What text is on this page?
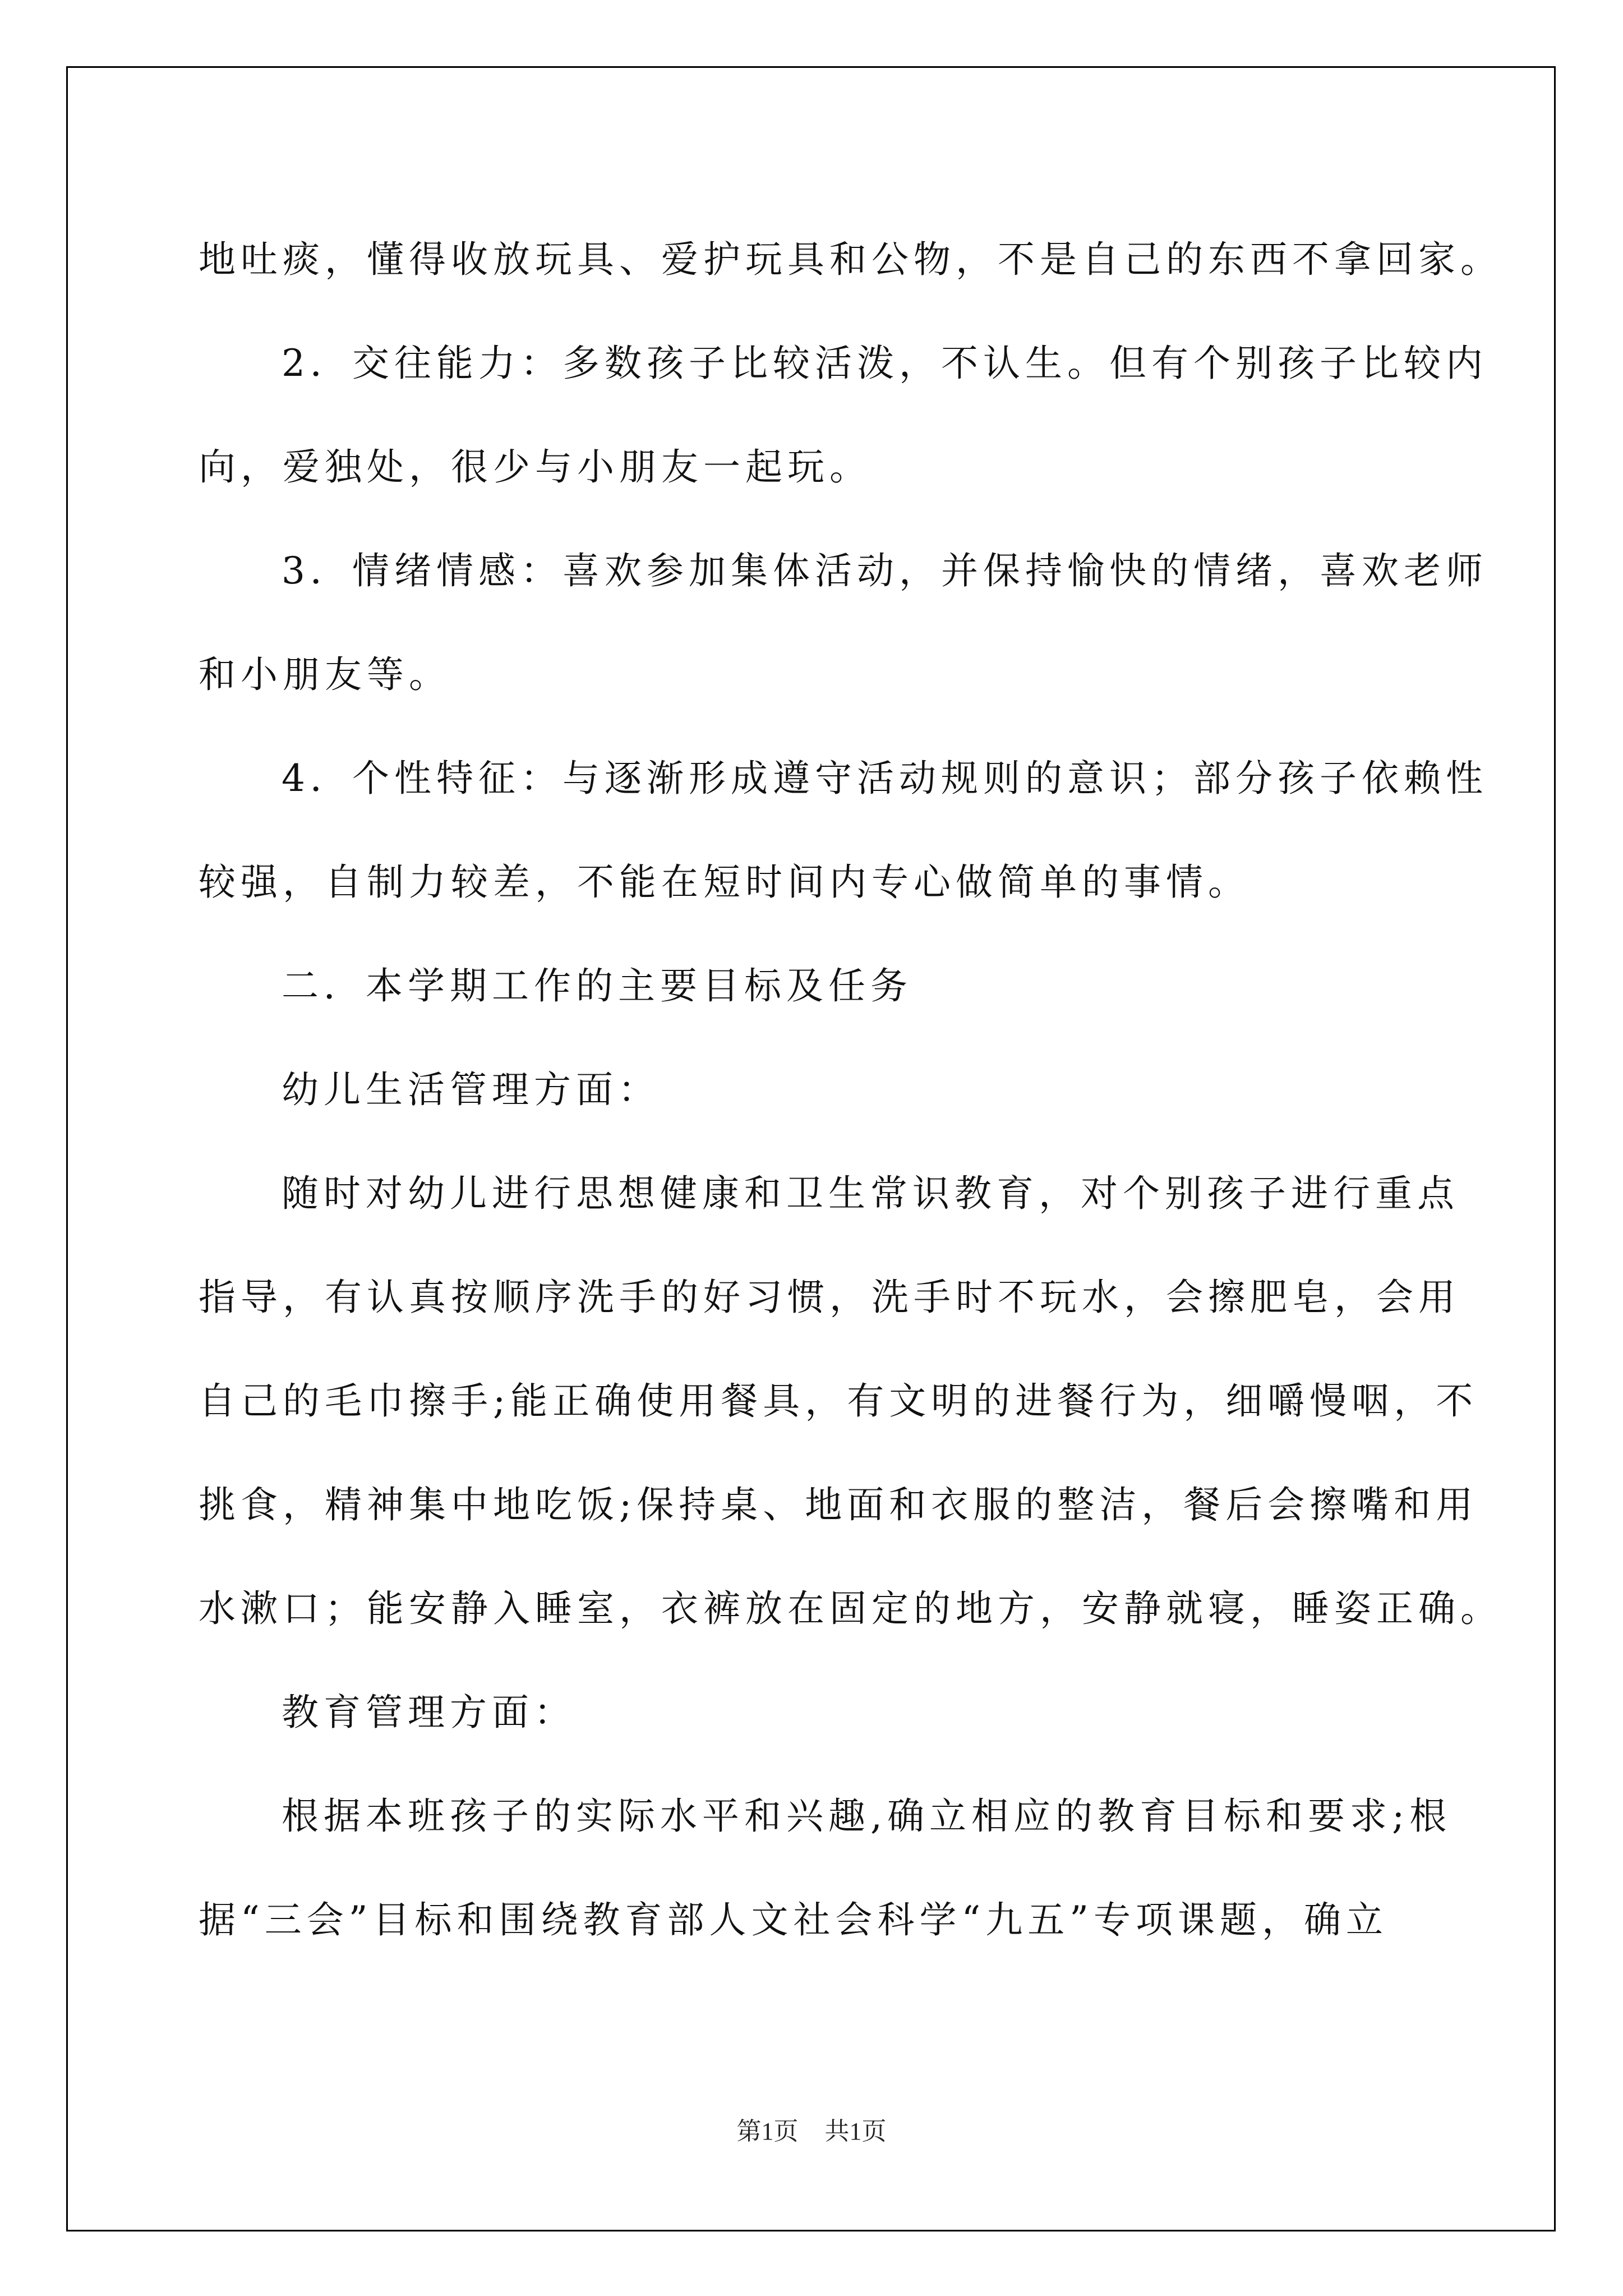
地吐痰，懂得收放玩具、爱护玩具和公物，不是自己的东西不拿回家。
2．交往能力：多数孩子比较活泼，不认生。但有个别孩子比较内
向，爱独处，很少与小朋友一起玩。
3．情绪情感：喜欢参加集体活动，并保持愉快的情绪，喜欢老师
和小朋友等。
4．个性特征：与逐渐形成遵守活动规则的意识；部分孩子依赖性
较强，自制力较差，不能在短时间内专心做简单的事情。
二．本学期工作的主要目标及任务
幼儿生活管理方面：
随时对幼儿进行思想健康和卫生常识教育，对个别孩子进行重点
指导，有认真按顺序洗手的好习惯，洗手时不玩水，会擦肥皂，会用
自己的毛巾擦手;能正确使用餐具，有文明的进餐行为，细嚼慢咽，不
挑食，精神集中地吃饭;保持桌、地面和衣服的整洁，餐后会擦嘴和用
水漱口；能安静入睡室，衣裤放在固定的地方，安静就寝，睡姿正确。
教育管理方面：
根据本班孩子的实际水平和兴趣,确立相应的教育目标和要求;根
据“三会”目标和围绕教育部人文社会科学“九五”专项课题，确立
第1页 共1页
